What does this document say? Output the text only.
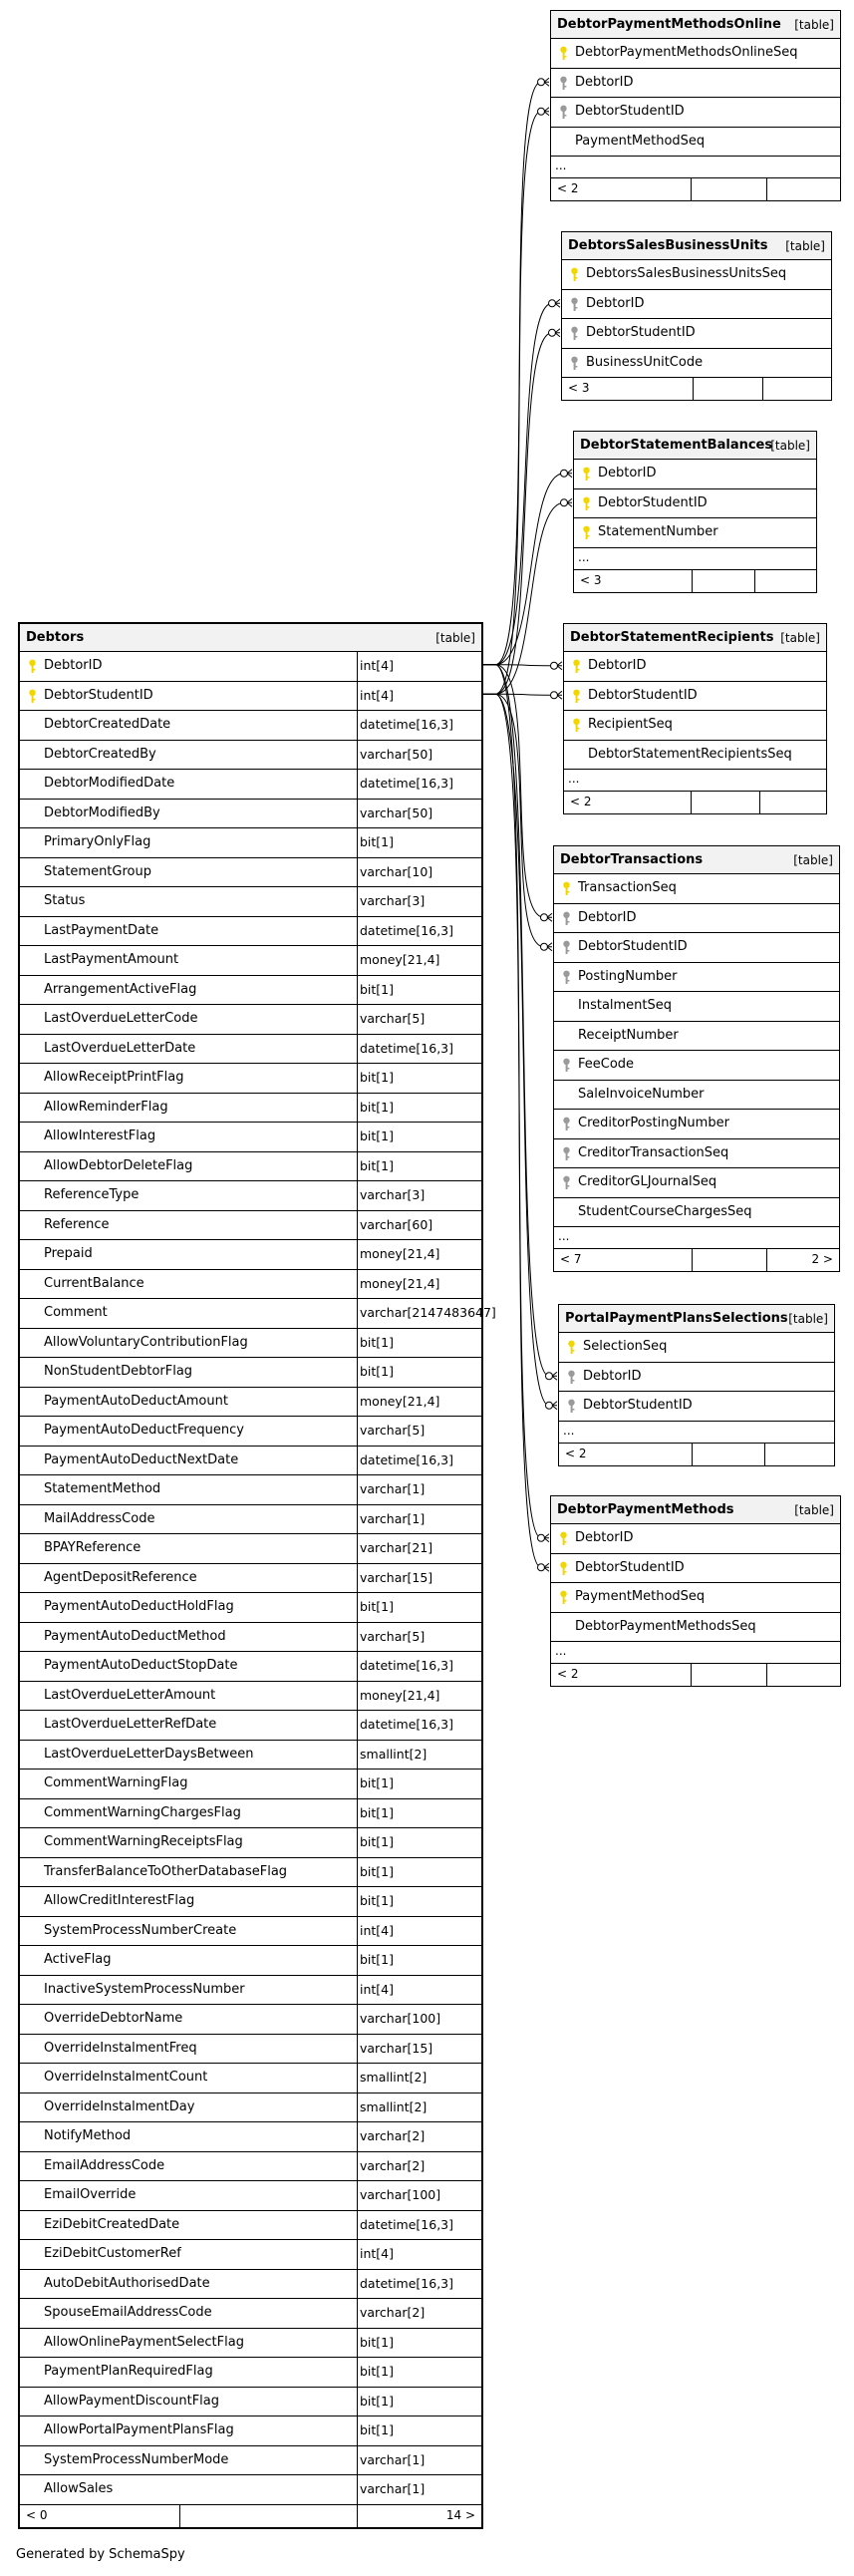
Debtors	[table]
DebtorID	int[4]
DebtorStudentID	int[4]
DebtorCreatedDate	datetime[16,3]
DebtorCreatedBy	varchar[50]
DebtorModifiedDate	datetime[16,3]
DebtorModifiedBy	varchar[50]
PrimaryOnlyFlag	bit[1]
StatementGroup	varchar[10]
Status	varchar[3]
LastPaymentDate	datetime[16,3]
LastPaymentAmount	money[21,4]
ArrangementActiveFlag	bit[1]
LastOverdueLetterCode	varchar[5]
LastOverdueLetterDate	datetime[16,3]
AllowReceiptPrintFlag	bit[1]
AllowReminderFlag	bit[1]
AllowInterestFlag	bit[1]
AllowDebtorDeleteFlag	bit[1]
ReferenceType	varchar[3]
Reference	varchar[60]
Prepaid	money[21,4]
CurrentBalance	money[21,4]
Comment	varchar[2147483647]
AllowVoluntaryContributionFlag	bit[1]
NonStudentDebtorFlag	bit[1]
PaymentAutoDeductAmount	money[21,4]
PaymentAutoDeductFrequency	varchar[5]
PaymentAutoDeductNextDate	datetime[16,3]
StatementMethod	varchar[1]
MailAddressCode	varchar[1]
BPAYReference	varchar[21]
AgentDepositReference	varchar[15]
PaymentAutoDeductHoldFlag	bit[1]
PaymentAutoDeductMethod	varchar[5]
PaymentAutoDeductStopDate	datetime[16,3]
LastOverdueLetterAmount	money[21,4]
LastOverdueLetterRefDate	datetime[16,3]
LastOverdueLetterDaysBetween	smallint[2]
CommentWarningFlag	bit[1]
CommentWarningChargesFlag	bit[1]
CommentWarningReceiptsFlag	bit[1]
TransferBalanceToOtherDatabaseFlag	bit[1]
AllowCreditInterestFlag	bit[1]
SystemProcessNumberCreate	int[4]
ActiveFlag	bit[1]
InactiveSystemProcessNumber	int[4]
OverrideDebtorName	varchar[100]
OverrideInstalmentFreq	varchar[15]
OverrideInstalmentCount	smallint[2]
OverrideInstalmentDay	smallint[2]
NotifyMethod	varchar[2]
EmailAddressCode	varchar[2]
EmailOverride	varchar[100]
EziDebitCreatedDate	datetime[16,3]
EziDebitCustomerRef	int[4]
AutoDebitAuthorisedDate	datetime[16,3]
SpouseEmailAddressCode	varchar[2]
AllowOnlinePaymentSelectFlag	bit[1]
PaymentPlanRequiredFlag	bit[1]
AllowPaymentDiscountFlag	bit[1]
AllowPortalPaymentPlansFlag	bit[1]
SystemProcessNumberMode	varchar[1]
AllowSales	varchar[1]
< 0	14 >
DebtorPaymentMethodsOnline [table]
DebtorPaymentMethodsOnlineSeq
DebtorID
DebtorStudentID
PaymentMethodSeq
...
< 2
DebtorsSalesBusinessUnits [table]
DebtorsSalesBusinessUnitsSeq
DebtorID
DebtorStudentID
BusinessUnitCode
< 3
DebtorStatementBalances
[table]
DebtorID
DebtorStudentID
StatementNumber
...
< 3
DebtorStatementRecipients [table]
DebtorID
DebtorStudentID
RecipientSeq
DebtorStatementRecipientsSeq
...
< 2
DebtorTransactions	[table]
TransactionSeq
DebtorID
DebtorStudentID
PostingNumber
InstalmentSeq
ReceiptNumber
FeeCode
SaleInvoiceNumber
CreditorPostingNumber
CreditorTransactionSeq
CreditorGLJournalSeq
StudentCourseChargesSeq
...
< 7	2 >
PortalPaymentPlansSelections [table]
SelectionSeq
DebtorID
DebtorStudentID
...
< 2
DebtorPaymentMethods	[table]
DebtorID
DebtorStudentID
PaymentMethodSeq
DebtorPaymentMethodsSeq
...
< 2
Generated by SchemaSpy
